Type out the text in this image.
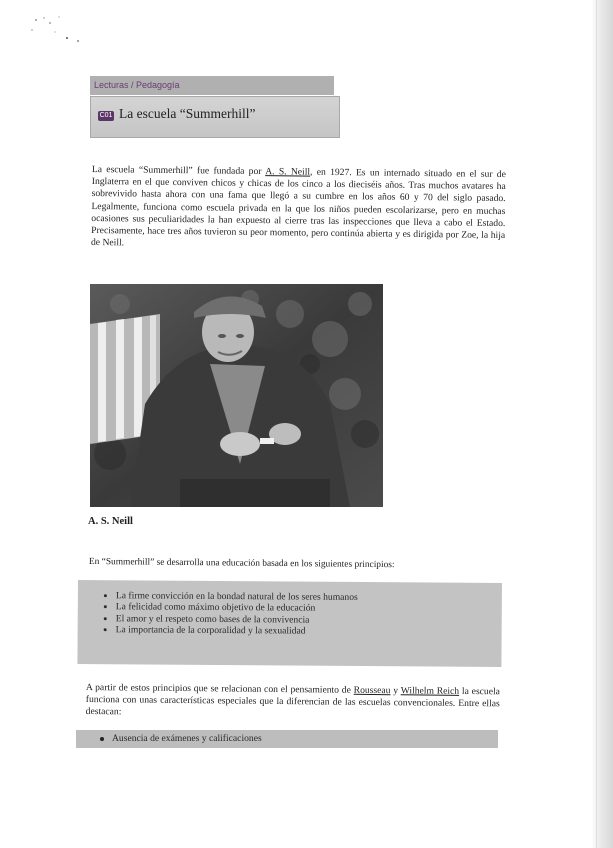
Lecturas / Pedagogía
C01 La escuela “Summerhill”
La escuela “Summerhill” fue fundada por A. S. Neill, en 1927. Es un internado situado en el sur de Inglaterra en el que conviven chicos y chicas de los cinco a los dieciséis años. Tras muchos avatares ha sobrevivido hasta ahora con una fama que llegó a su cumbre en los años 60 y 70 del siglo pasado. Legalmente, funciona como escuela privada en la que los niños pueden escolarizarse, pero en muchas ocasiones sus peculiaridades la han expuesto al cierre tras las inspecciones que lleva a cabo el Estado. Precisamente, hace tres años tuvieron su peor momento, pero continúa abierta y es dirigida por Zoe, la hija de Neill.
A. S. Neill
En “Summerhill” se desarrolla una educación basada en los siguientes principios:
• La firme convicción en la bondad natural de los seres humanos
• La felicidad como máximo objetivo de la educación
• El amor y el respeto como bases de la convivencia
• La importancia de la corporalidad y la sexualidad
A partir de estos principios que se relacionan con el pensamiento de Rousseau y Wilhelm Reich la escuela funciona con unas características especiales que la diferencian de las escuelas convencionales. Entre ellas destacan:
Ausencia de exámenes y calificaciones
